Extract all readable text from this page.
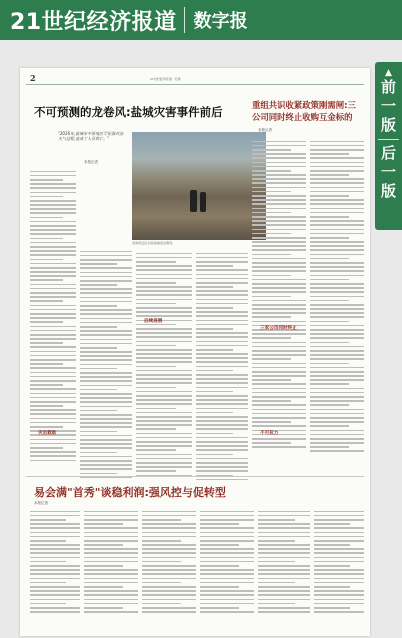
21世纪经济报道 数字报
2	21世纪经济报道 · 宏观
不可预测的龙卷风:盐城灾害事件前后
"2016年,盐城市平原地区罕见强对流天气过程,造成了人员伤亡。"
本报记者
龙卷风过后,村民查看受灾情况。
灾后救助
后续进展
重组共识收紧政策刚需闸:三公司同时终止收购互金标的
本报记者
三家公司同时终止
不可抗力
易会满"首秀"谈稳利润:强风控与促转型
本报记者
▲
前
一
版
后
一
版
